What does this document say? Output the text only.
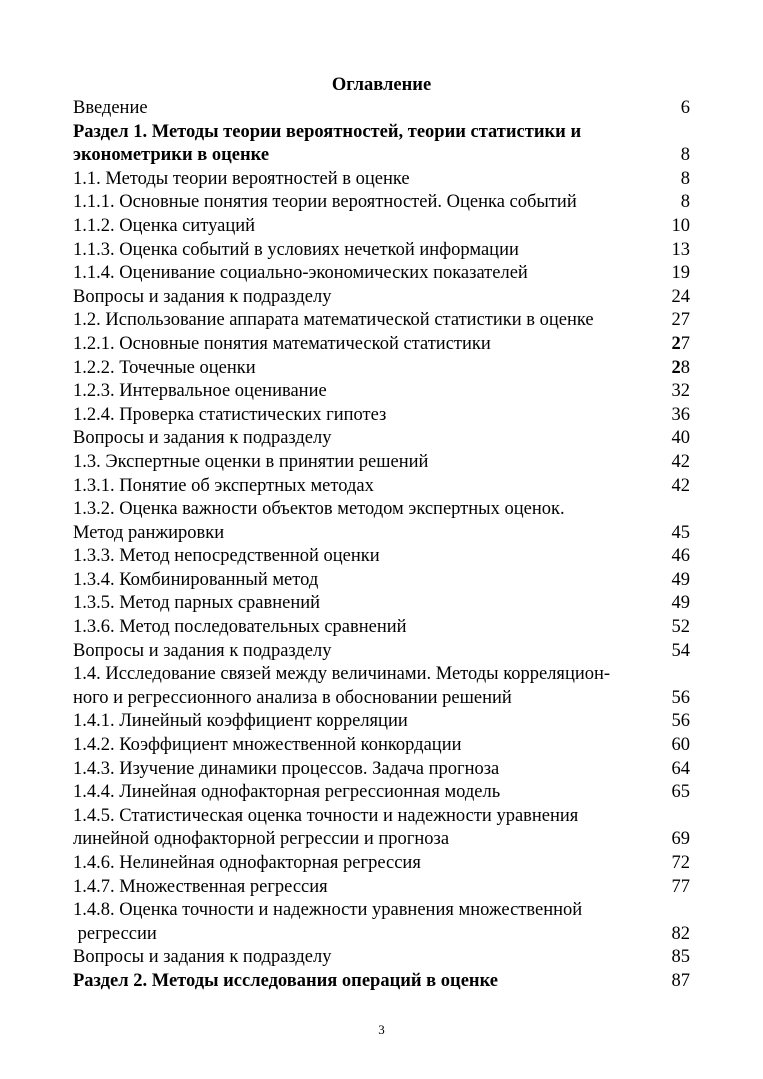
Оглавление
Введение	6
Раздел 1. Методы теории вероятностей, теории статистики и
эконометрики в оценке	8
1.1. Методы теории вероятностей в оценке	8
1.1.1. Основные понятия теории вероятностей. Оценка событий	8
1.1.2. Оценка ситуаций	10
1.1.3. Оценка событий в условиях нечеткой информации	13
1.1.4. Оценивание социально-экономических показателей	19
Вопросы и задания к подразделу	24
1.2. Использование аппарата математической статистики в оценке	27
1.2.1. Основные понятия математической статистики	27
1.2.2. Точечные оценки	28
1.2.3. Интервальное оценивание	32
1.2.4. Проверка статистических гипотез	36
Вопросы и задания к подразделу	40
1.3. Экспертные оценки в принятии решений	42
1.3.1. Понятие об экспертных методах	42
1.3.2. Оценка важности объектов методом экспертных оценок.
Метод ранжировки	45
1.3.3. Метод непосредственной оценки	46
1.3.4. Комбинированный метод	49
1.3.5. Метод парных сравнений	49
1.3.6. Метод последовательных сравнений	52
Вопросы и задания к подразделу	54
1.4. Исследование связей между величинами. Методы корреляцион-
ного и регрессионного анализа в обосновании решений	56
1.4.1. Линейный коэффициент корреляции	56
1.4.2. Коэффициент множественной конкордации	60
1.4.3. Изучение динамики процессов. Задача прогноза	64
1.4.4. Линейная однофакторная регрессионная модель	65
1.4.5. Статистическая оценка точности и надежности уравнения
линейной однофакторной регрессии и прогноза	69
1.4.6. Нелинейная однофакторная регрессия	72
1.4.7. Множественная регрессия	77
1.4.8. Оценка точности и надежности уравнения множественной
регрессии	82
Вопросы и задания к подразделу	85
Раздел 2. Методы исследования операций в оценке	87
3
